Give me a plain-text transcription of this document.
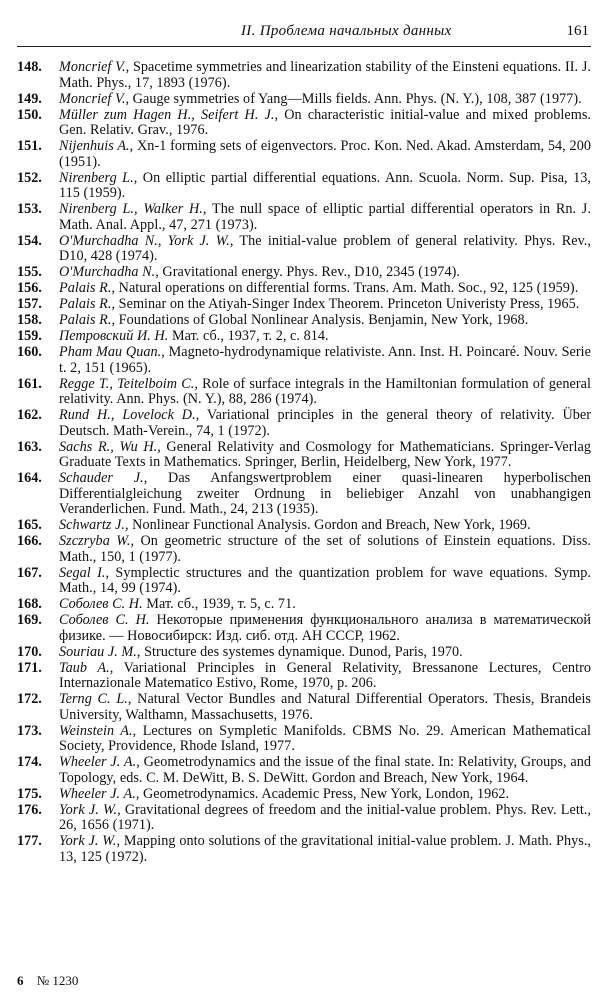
II. Проблема начальных данных	161
148.	Moncrief V., Spacetime symmetries and linearization stability of the Einsteni equations. II. J. Math. Phys., 17, 1893 (1976).
149.	Moncrief V., Gauge symmetries of Yang—Mills fields. Ann. Phys. (N. Y.), 108, 387 (1977).
150.	Müller zum Hagen H., Seifert H. J., On characteristic initial-value and mixed problems. Gen. Relativ. Grav., 1976.
151.	Nijenhuis A., Xn-1 forming sets of eigenvectors. Proc. Kon. Ned. Akad. Amsterdam, 54, 200 (1951).
152.	Nirenberg L., On elliptic partial differential equations. Ann. Scuola. Norm. Sup. Pisa, 13, 115 (1959).
153.	Nirenberg L., Walker H., The null space of elliptic partial differential operators in Rn. J. Math. Anal. Appl., 47, 271 (1973).
154.	O'Murchadha N., York J. W., The initial-value problem of general relativity. Phys. Rev., D10, 428 (1974).
155.	O'Murchadha N., Gravitational energy. Phys. Rev., D10, 2345 (1974).
156.	Palais R., Natural operations on differential forms. Trans. Am. Math. Soc., 92, 125 (1959).
157.	Palais R., Seminar on the Atiyah-Singer Index Theorem. Princeton Univeristy Press, 1965.
158.	Palais R., Foundations of Global Nonlinear Analysis. Benjamin, New York, 1968.
159.	Петровский И. Н. Мат. сб., 1937, т. 2, с. 814.
160.	Pham Mau Quan., Magneto-hydrodynamique relativiste. Ann. Inst. H. Poincaré. Nouv. Serie t. 2, 151 (1965).
161.	Regge T., Teitelboim C., Role of surface integrals in the Hamiltonian formulation of general relativity. Ann. Phys. (N. Y.), 88, 286 (1974).
162.	Rund H., Lovelock D., Variational principles in the general theory of relativity. Über Deutsch. Math-Verein., 74, 1 (1972).
163.	Sachs R., Wu H., General Relativity and Cosmology for Mathematicians. Springer-Verlag Graduate Texts in Mathematics. Springer, Berlin, Heidelberg, New York, 1977.
164.	Schauder J., Das Anfangswertproblem einer quasi-linearen hyperbolischen Differentialgleichung zweiter Ordnung in beliebiger Anzahl von unabhangigen Veranderlichen. Fund. Math., 24, 213 (1935).
165.	Schwartz J., Nonlinear Functional Analysis. Gordon and Breach, New York, 1969.
166.	Szczryba W., On geometric structure of the set of solutions of Einstein equations. Diss. Math., 150, 1 (1977).
167.	Segal I., Symplectic structures and the quantization problem for wave equations. Symp. Math., 14, 99 (1974).
168.	Соболев С. Н. Мат. сб., 1939, т. 5, с. 71.
169.	Соболев С. Н. Некоторые применения функционального анализа в математической физике. — Новосибирск: Изд. сиб. отд. АН СССР, 1962.
170.	Souriau J. M., Structure des systemes dynamique. Dunod, Paris, 1970.
171.	Taub A., Variational Principles in General Relativity, Bressanone Lectures, Centro Internazionale Matematico Estivo, Rome, 1970, p. 206.
172.	Terng C. L., Natural Vector Bundles and Natural Differential Operators. Thesis, Brandeis University, Walthamn, Massachusetts, 1976.
173.	Weinstein A., Lectures on Sympletic Manifolds. CBMS No. 29. American Mathematical Society, Providence, Rhode Island, 1977.
174.	Wheeler J. A., Geometrodynamics and the issue of the final state. In: Relativity, Groups, and Topology, eds. C. M. DeWitt, B. S. DeWitt. Gordon and Breach, New York, 1964.
175.	Wheeler J. A., Geometrodynamics. Academic Press, New York, London, 1962.
176.	York J. W., Gravitational degrees of freedom and the initial-value problem. Phys. Rev. Lett., 26, 1656 (1971).
177.	York J. W., Mapping onto solutions of the gravitational initial-value problem. J. Math. Phys., 13, 125 (1972).
6 № 1230
